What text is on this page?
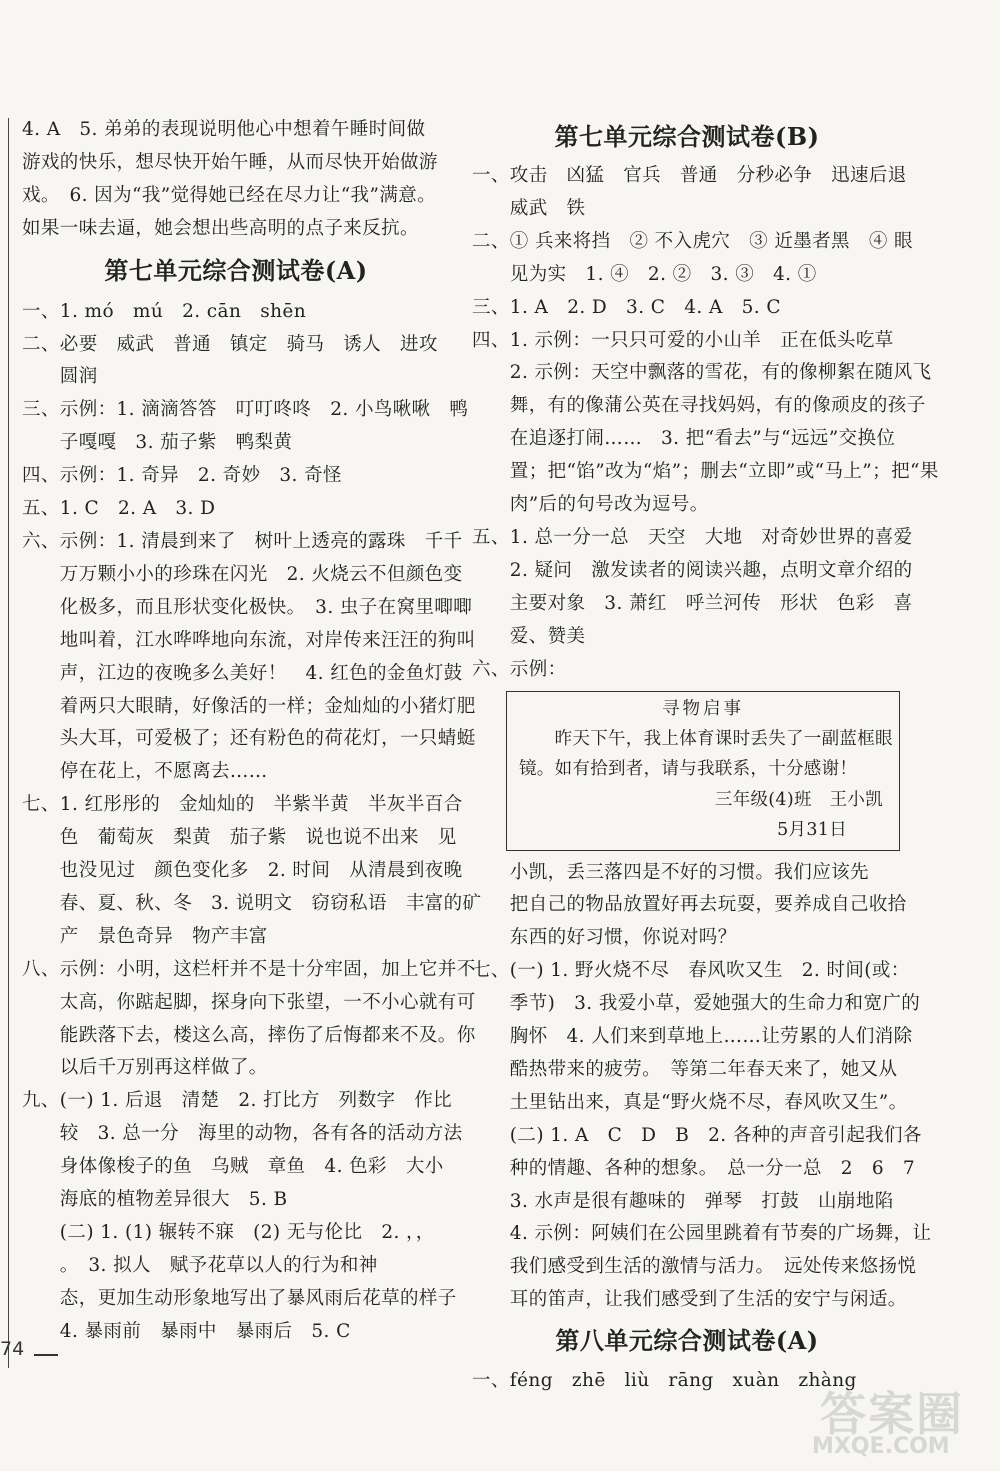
4. A　5. 弟弟的表现说明他心中想着午睡时间做
游戏的快乐，想尽快开始午睡，从而尽快开始做游
戏。　6. 因为“我”觉得她已经在尽力让“我”满意。
如果一味去逼，她会想出些高明的点子来反抗。
第七单元综合测试卷(A)
一、1. mó　mú　2. cān　shēn
二、必要　威武　普通　镇定　骑马　诱人　进攻
　　圆润
三、示例：1. 滴滴答答　叮叮咚咚　2. 小鸟啾啾　鸭
　　子嘎嘎　3. 茄子紫　鸭梨黄
四、示例：1. 奇异　2. 奇妙　3. 奇怪
五、1. C　2. A　3. D
六、示例：1. 清晨到来了　树叶上透亮的露珠　千千
　　万万颗小小的珍珠在闪光　2. 火烧云不但颜色变
　　化极多，而且形状变化极快。　3. 虫子在窝里唧唧
　　地叫着，江水哗哗地向东流，对岸传来汪汪的狗叫
　　声，江边的夜晚多么美好！　4. 红色的金鱼灯鼓
　　着两只大眼睛，好像活的一样；金灿灿的小猪灯肥
　　头大耳，可爱极了；还有粉色的荷花灯，一只蜻蜓
　　停在花上，不愿离去……
七、1. 红彤彤的　金灿灿的　半紫半黄　半灰半百合
　　色　葡萄灰　梨黄　茄子紫　说也说不出来　见
　　也没见过　颜色变化多　2. 时间　从清晨到夜晚
　　春、夏、秋、冬　3. 说明文　窃窃私语　丰富的矿
　　产　景色奇异　物产丰富
八、示例：小明，这栏杆并不是十分牢固，加上它并不
　　太高，你踮起脚，探身向下张望，一不小心就有可
　　能跌落下去，楼这么高，摔伤了后悔都来不及。你
　　以后千万别再这样做了。
九、(一) 1. 后退　清楚　2. 打比方　列数字　作比
　　较　3. 总一分　海里的动物，各有各的活动方法
　　身体像梭子的鱼　乌贼　章鱼　4. 色彩　大小
　　海底的植物差异很大　5. B
　　(二) 1. (1) 辗转不寐　(2) 无与伦比　2. ，，
　　。　3. 拟人　赋予花草以人的行为和神
　　态，更加生动形象地写出了暴风雨后花草的样子
　　4. 暴雨前　暴雨中　暴雨后　5. C
第七单元综合测试卷(B)
一、攻击　凶猛　官兵　普通　分秒必争　迅速后退
　　威武　铁
二、① 兵来将挡　② 不入虎穴　③ 近墨者黑　④ 眼
　　见为实　1. ④　2. ②　3. ③　4. ①
三、1. A　2. D　3. C　4. A　5. C
四、1. 示例：一只只可爱的小山羊　正在低头吃草
　　2. 示例：天空中飘落的雪花，有的像柳絮在随风飞
　　舞，有的像蒲公英在寻找妈妈，有的像顽皮的孩子
　　在追逐打闹……　3. 把“看去”与“远远”交换位
　　置；把“馅”改为“焰”；删去“立即”或“马上”；把“果
　　肉”后的句号改为逗号。
五、1. 总一分一总　天空　大地　对奇妙世界的喜爱
　　2. 疑问　激发读者的阅读兴趣，点明文章介绍的
　　主要对象　3. 萧红　呼兰河传　形状　色彩　喜
　　爱、赞美
六、示例：
寻物启事
　　昨天下午，我上体育课时丢失了一副蓝框眼
镜。如有拾到者，请与我联系，十分感谢！
三年级(4)班　王小凯
5月31日
　　小凯，丢三落四是不好的习惯。我们应该先
　　把自己的物品放置好再去玩耍，要养成自己收拾
　　东西的好习惯，你说对吗？
七、(一) 1. 野火烧不尽　春风吹又生　2. 时间(或：
　　季节)　3. 我爱小草，爱她强大的生命力和宽广的
　　胸怀　4. 人们来到草地上……让劳累的人们消除
　　酷热带来的疲劳。　等第二年春天来了，她又从
　　土里钻出来，真是“野火烧不尽，春风吹又生”。
　　(二) 1. A　C　D　B　2. 各种的声音引起我们各
　　种的情趣、各种的想象。　总一分一总　2　6　7
　　3. 水声是很有趣味的　弹琴　打鼓　山崩地陷
　　4. 示例：阿姨们在公园里跳着有节奏的广场舞，让
　　我们感受到生活的激情与活力。　远处传来悠扬悦
　　耳的笛声，让我们感受到了生活的安宁与闲适。
第八单元综合测试卷(A)
一、féng　zhē　liù　rāng　xuàn　zhàng
74
答案圈
MXQE.COM
